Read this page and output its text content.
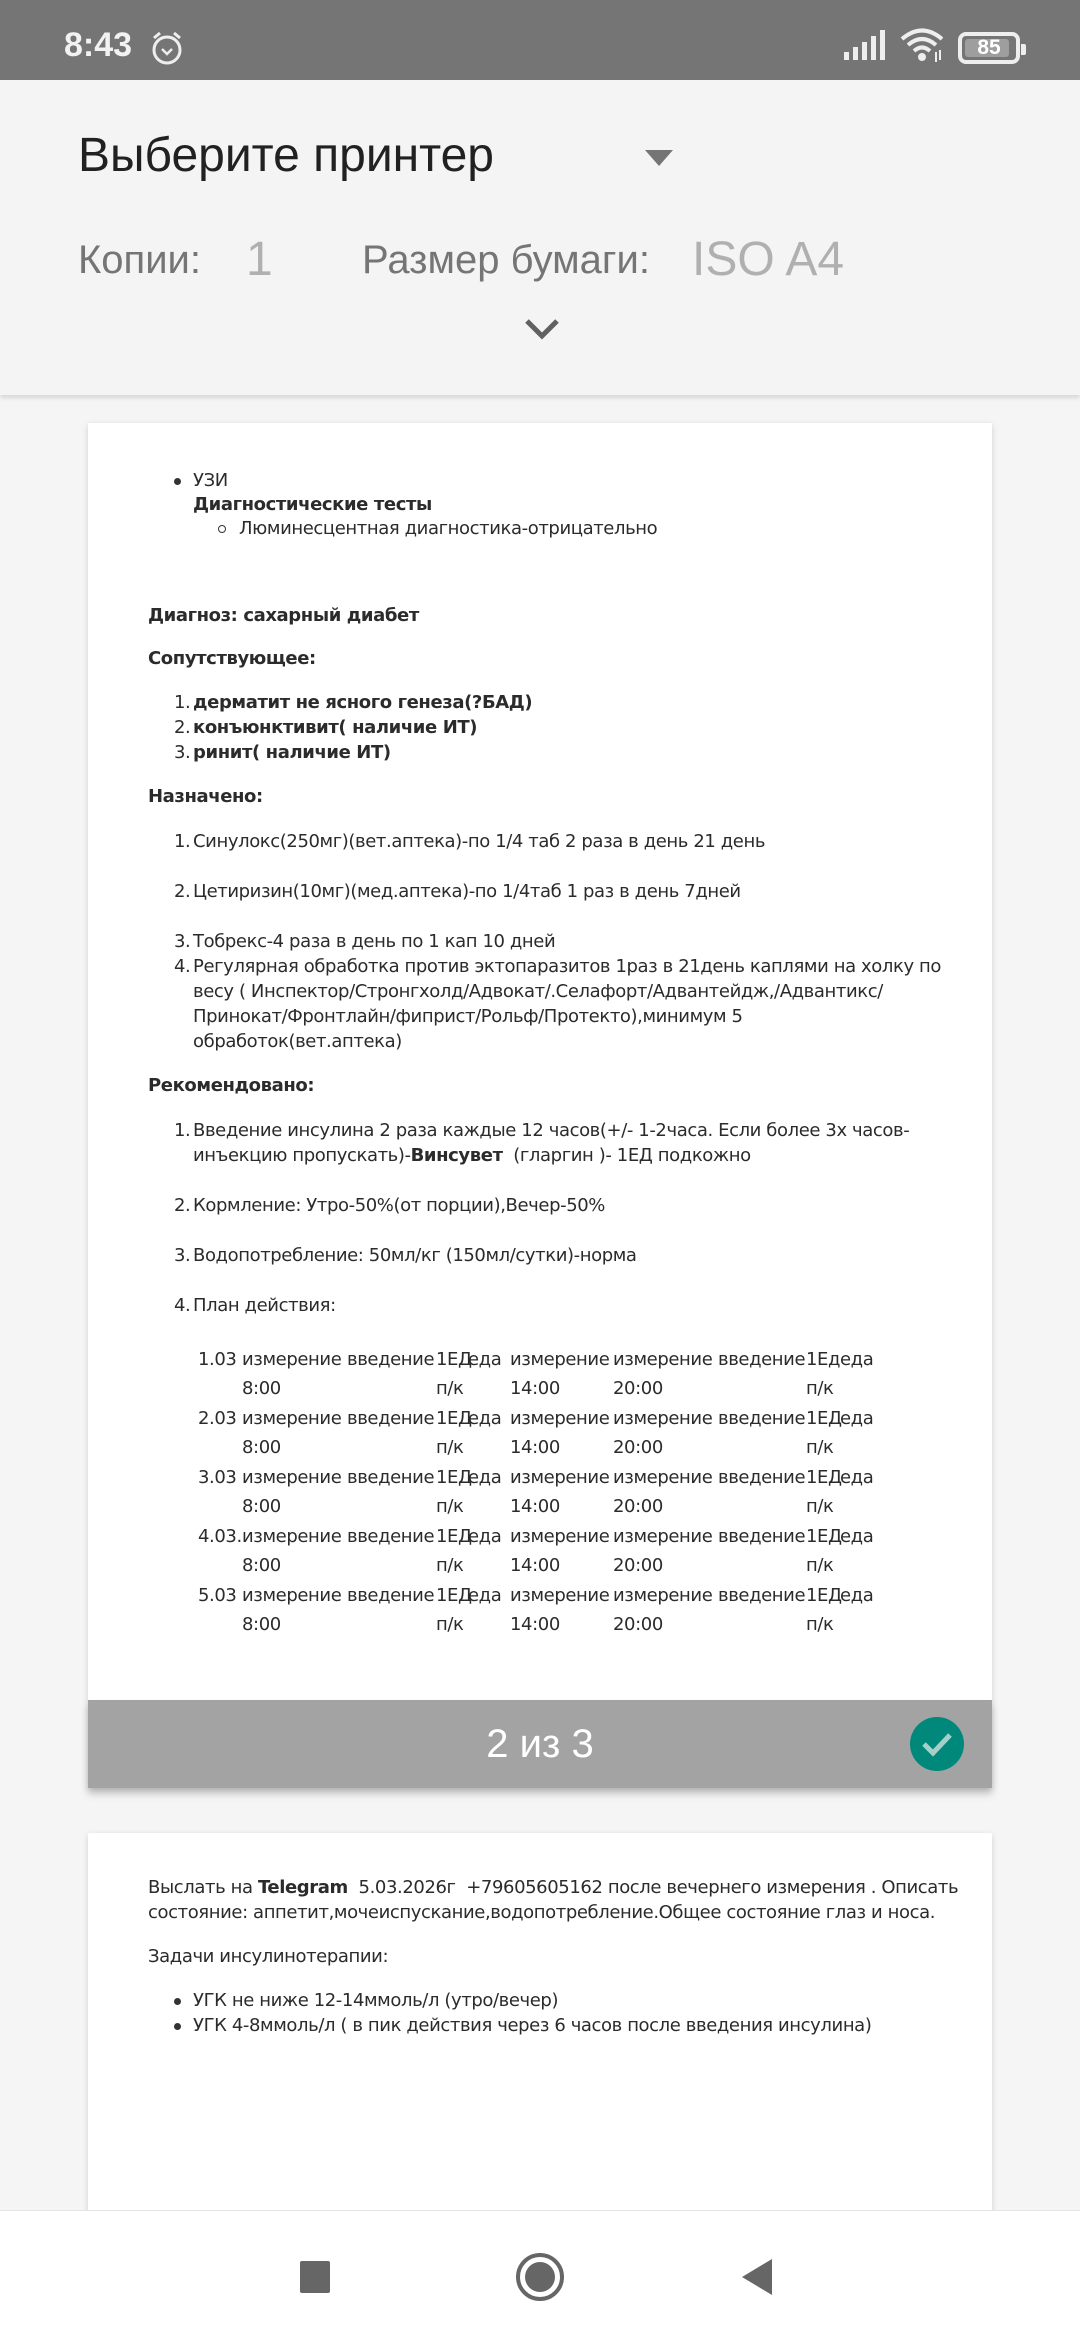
8:43	85
Выберите принтер
Копии: 1 Размер бумаги: ISO A4
УЗИ
Диагностические тесты
Люминесцентная диагностика-отрицательно
Диагноз: сахарный диабет
Сопутствующее:
1. дерматит не ясного генеза(?БАД)
2. конъюнктивит( наличие ИТ)
3. ринит( наличие ИТ)
Назначено:
1. Синулокс(250мг)(вет.аптека)-по 1/4 таб 2 раза в день 21 день
2. Цетиризин(10мг)(мед.аптека)-по 1/4таб 1 раз в день 7дней
3. Тобрекс-4 раза в день по 1 кап 10 дней
4. Регулярная обработка против эктопаразитов 1раз в 21день каплями на холку по
весу ( Инспектор/Стронгхолд/Адвокат/.Селафорт/Адвантейдж,/Адвантикс/
Принокат/Фронтлайн/фиприст/Рольф/Протекто),минимум 5
обработок(вет.аптека)
Рекомендовано:
1. Введение инсулина 2 раза каждые 12 часов(+/- 1-2часа. Если более 3х часов-
инъекцию пропускать)-Винсувет  (гларгин )- 1ЕД подкожно
2. Кормление: Утро-50%(от порции),Вечер-50%
3. Водопотребление: 50мл/кг (150мл/сутки)-норма
4. План действия:
1.03 измерение
8:00
введение 1ЕД
п/к
еда измерение
14:00
измерение
20:00
введение 1Ед
п/к
еда
2.03 измерение
8:00
введение 1ЕД
п/к
еда измерение
14:00
измерение
20:00
введение 1ЕД
п/к
еда
3.03 измерение
8:00
введение 1ЕД
п/к
еда измерение
14:00
измерение
20:00
введение 1ЕД
п/к
еда
4.03. измерение
8:00
введение 1ЕД
п/к
еда измерение
14:00
измерение
20:00
введение 1ЕД
п/к
еда
5.03 измерение
8:00
введение 1ЕД
п/к
еда измерение
14:00
измерение
20:00
введение 1ЕД
п/к
еда
2 из 3
Выслать на Telegram  5.03.2026г  +79605605162 после вечернего измерения . Описать
состояние: аппетит,мочеиспускание,водопотребление.Общее состояние глаз и носа.
Задачи инсулинотерапии:
УГК не ниже 12-14ммоль/л (утро/вечер)
УГК 4-8ммоль/л ( в пик действия через 6 часов после введения инсулина)
